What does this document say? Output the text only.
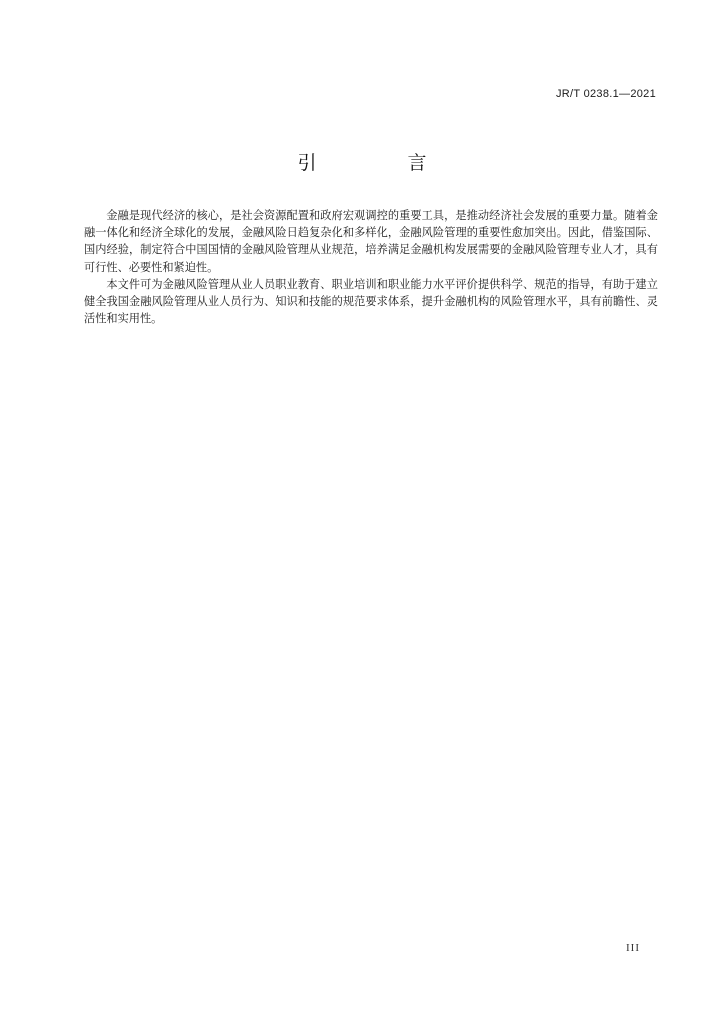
JR/T 0238.1—2021
引　言

金融是现代经济的核心，是社会资源配置和政府宏观调控的重要工具，是推动经济社会发展的重要力量。随着金融一体化和经济全球化的发展，金融风险日趋复杂化和多样化，金融风险管理的重要性愈加突出。因此，借鉴国际、国内经验，制定符合中国国情的金融风险管理从业规范，培养满足金融机构发展需要的金融风险管理专业人才，具有可行性、必要性和紧迫性。

本文件可为金融风险管理从业人员职业教育、职业培训和职业能力水平评价提供科学、规范的指导，有助于建立健全我国金融风险管理从业人员行为、知识和技能的规范要求体系，提升金融机构的风险管理水平，具有前瞻性、灵活性和实用性。

III
